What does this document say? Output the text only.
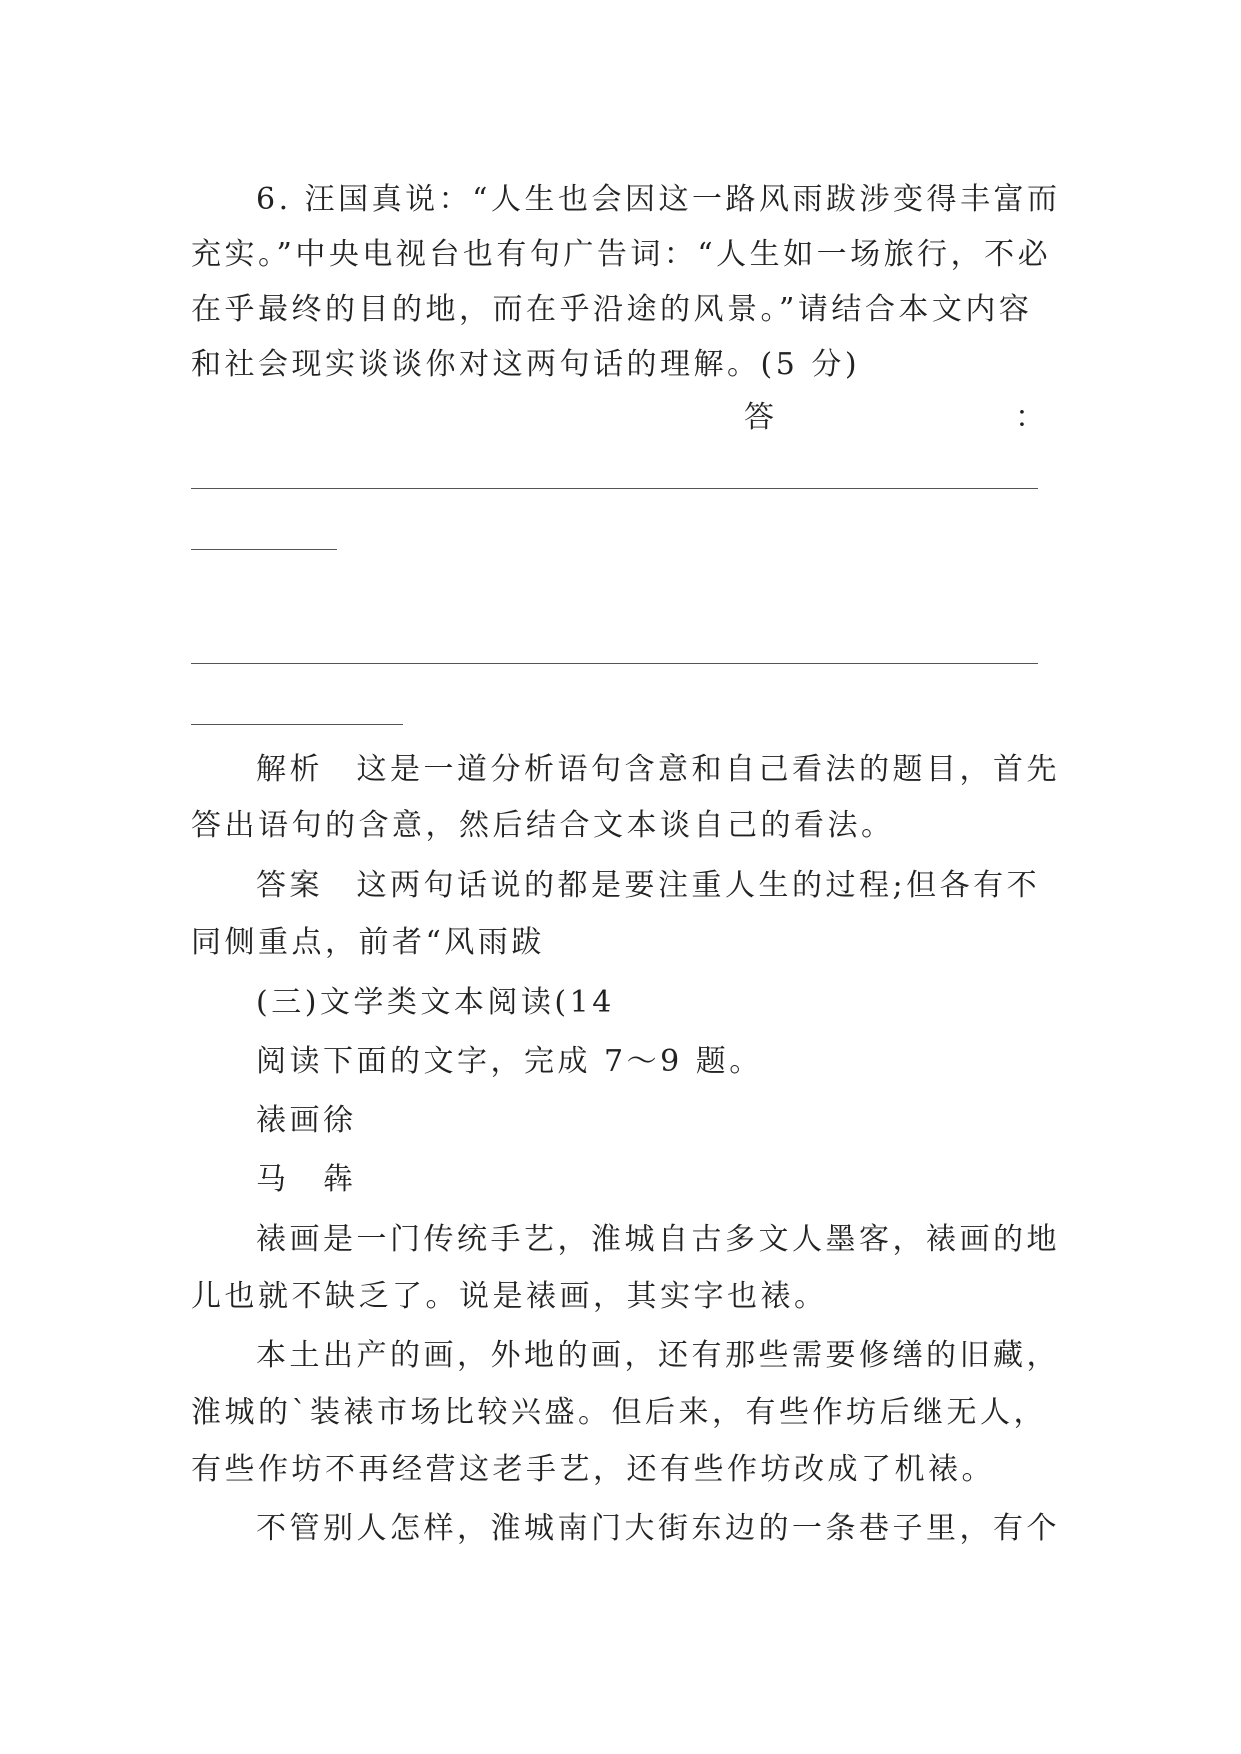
6. 汪国真说：“人生也会因这一路风雨跋涉变得丰富而
充实。”中央电视台也有句广告词：“人生如一场旅行，不必
在乎最终的目的地，而在乎沿途的风景。”请结合本文内容
和社会现实谈谈你对这两句话的理解。(5 分)
答	：
解析　这是一道分析语句含意和自己看法的题目，首先
答出语句的含意，然后结合文本谈自己的看法。
答案　这两句话说的都是要注重人生的过程;但各有不
同侧重点，前者“风雨跋
(三)文学类文本阅读(14
阅读下面的文字，完成 7～9 题。
裱画徐
马　犇
裱画是一门传统手艺，淮城自古多文人墨客，裱画的地
儿也就不缺乏了。说是裱画，其实字也裱。
本土出产的画，外地的画，还有那些需要修缮的旧藏，
淮城的`装裱市场比较兴盛。但后来，有些作坊后继无人，
有些作坊不再经营这老手艺，还有些作坊改成了机裱。
不管别人怎样，淮城南门大街东边的一条巷子里，有个
